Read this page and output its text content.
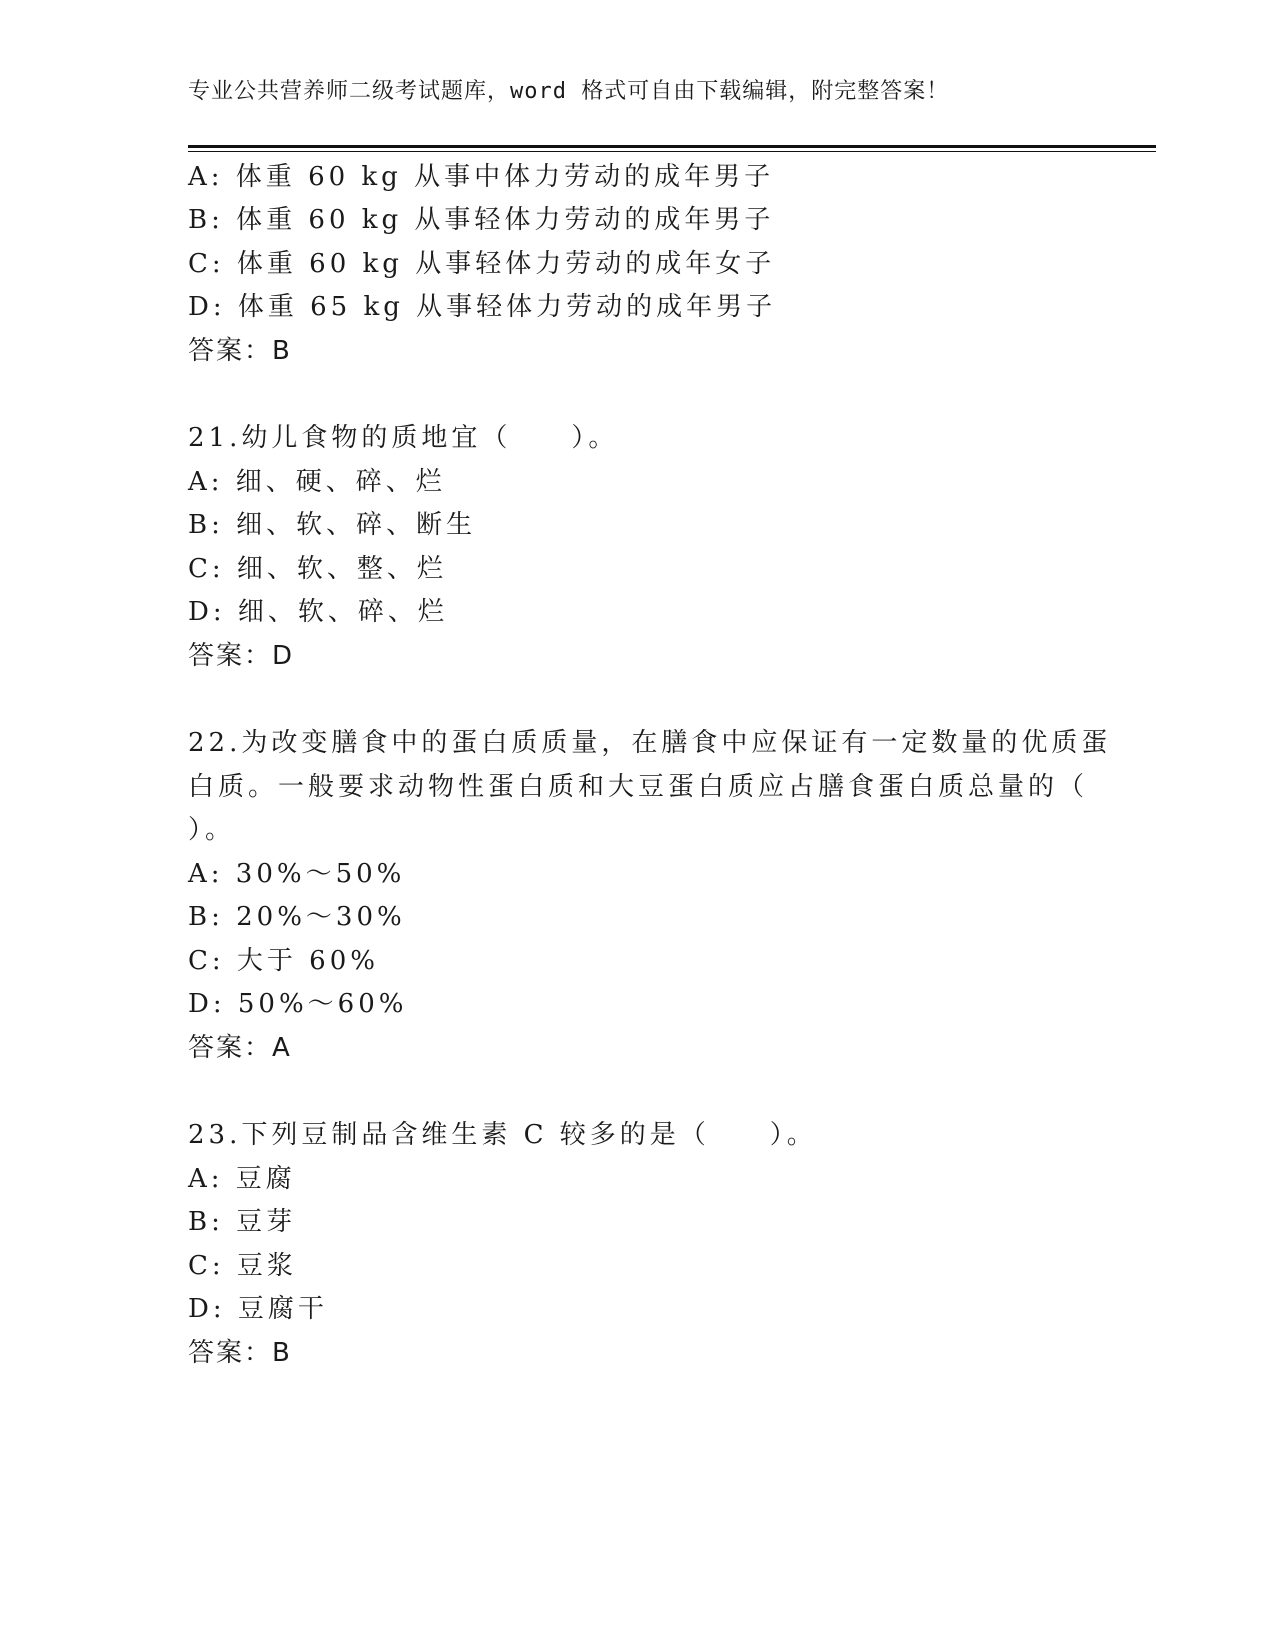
专业公共营养师二级考试题库，word 格式可自由下载编辑，附完整答案！
A: 体重 60 kg 从事中体力劳动的成年男子
B: 体重 60 kg 从事轻体力劳动的成年男子
C: 体重 60 kg 从事轻体力劳动的成年女子
D: 体重 65 kg 从事轻体力劳动的成年男子
答案：B
21.幼儿食物的质地宜（　　）。
A: 细、硬、碎、烂
B: 细、软、碎、断生
C: 细、软、整、烂
D: 细、软、碎、烂
答案：D
22.为改变膳食中的蛋白质质量，在膳食中应保证有一定数量的优质蛋
白质。一般要求动物性蛋白质和大豆蛋白质应占膳食蛋白质总量的（
）。
A: 30%～50%
B: 20%～30%
C: 大于 60%
D: 50%～60%
答案：A
23.下列豆制品含维生素 C 较多的是（　　）。
A: 豆腐
B: 豆芽
C: 豆浆
D: 豆腐干
答案：B
